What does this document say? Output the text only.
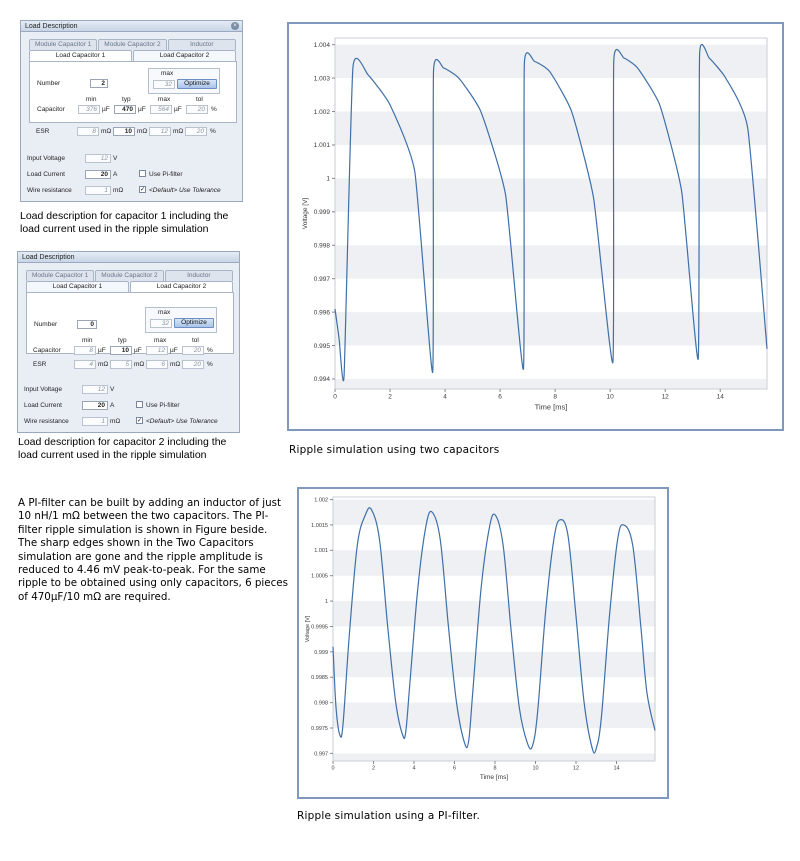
Load Description	×
Module Capacitor 1	Module Capacitor 2	Inductor
Load Capacitor 1	Load Capacitor 2
Number	2
max
32	Optimize
min	typ	max	tol
Capacitor	376 µF	470 µF	564 µF	20 %
ESR	8 mΩ	10 mΩ	12 mΩ	20 %
Input Voltage	12 V
Load Current	20 A	Use Pi-filter
Wire resistance	1 mΩ	✓ <Default> Use Tolerance
Load description for capacitor 1 including the
load current used in the ripple simulation
Load Description
Module Capacitor 1	Module Capacitor 2	Inductor
Load Capacitor 1	Load Capacitor 2
Number	0
max
32	Optimize
min	typ	max	tol
Capacitor	8 µF	10 µF	12 µF	20 %
ESR	4 mΩ	5 mΩ	6 mΩ	20 %
Input Voltage	12 V
Load Current	20 A	Use Pi-filter
Wire resistance	1 mΩ	✓ <Default> Use Tolerance
Load description for capacitor 2 including the
load current used in the ripple simulation
A PI-filter can be built by adding an inductor of just 10 nH/1 mΩ between the two capacitors. The PI-filter ripple simulation is shown in Figure beside. The sharp edges shown in the Two Capacitors simulation are gone and the ripple amplitude is reduced to 4.46 mV peak-to-peak. For the same ripple to be obtained using only capacitors, 6 pieces of 470µF/10 mΩ are required.
0.994
0.995
0.996
0.997
0.998
0.999
1
1.001
1.002
1.003
1.004
0	2	4	6	8	10	12	14
Time [ms]
Voltage [V]
Ripple simulation using two capacitors
0.997
0.9975
0.998
0.9985
0.999
0.9995
1
1.0005
1.001
1.0015
1.002
0	2	4	6	8	10	12	14
Time [ms]
Voltage [V]
Ripple simulation using a PI-filter.
